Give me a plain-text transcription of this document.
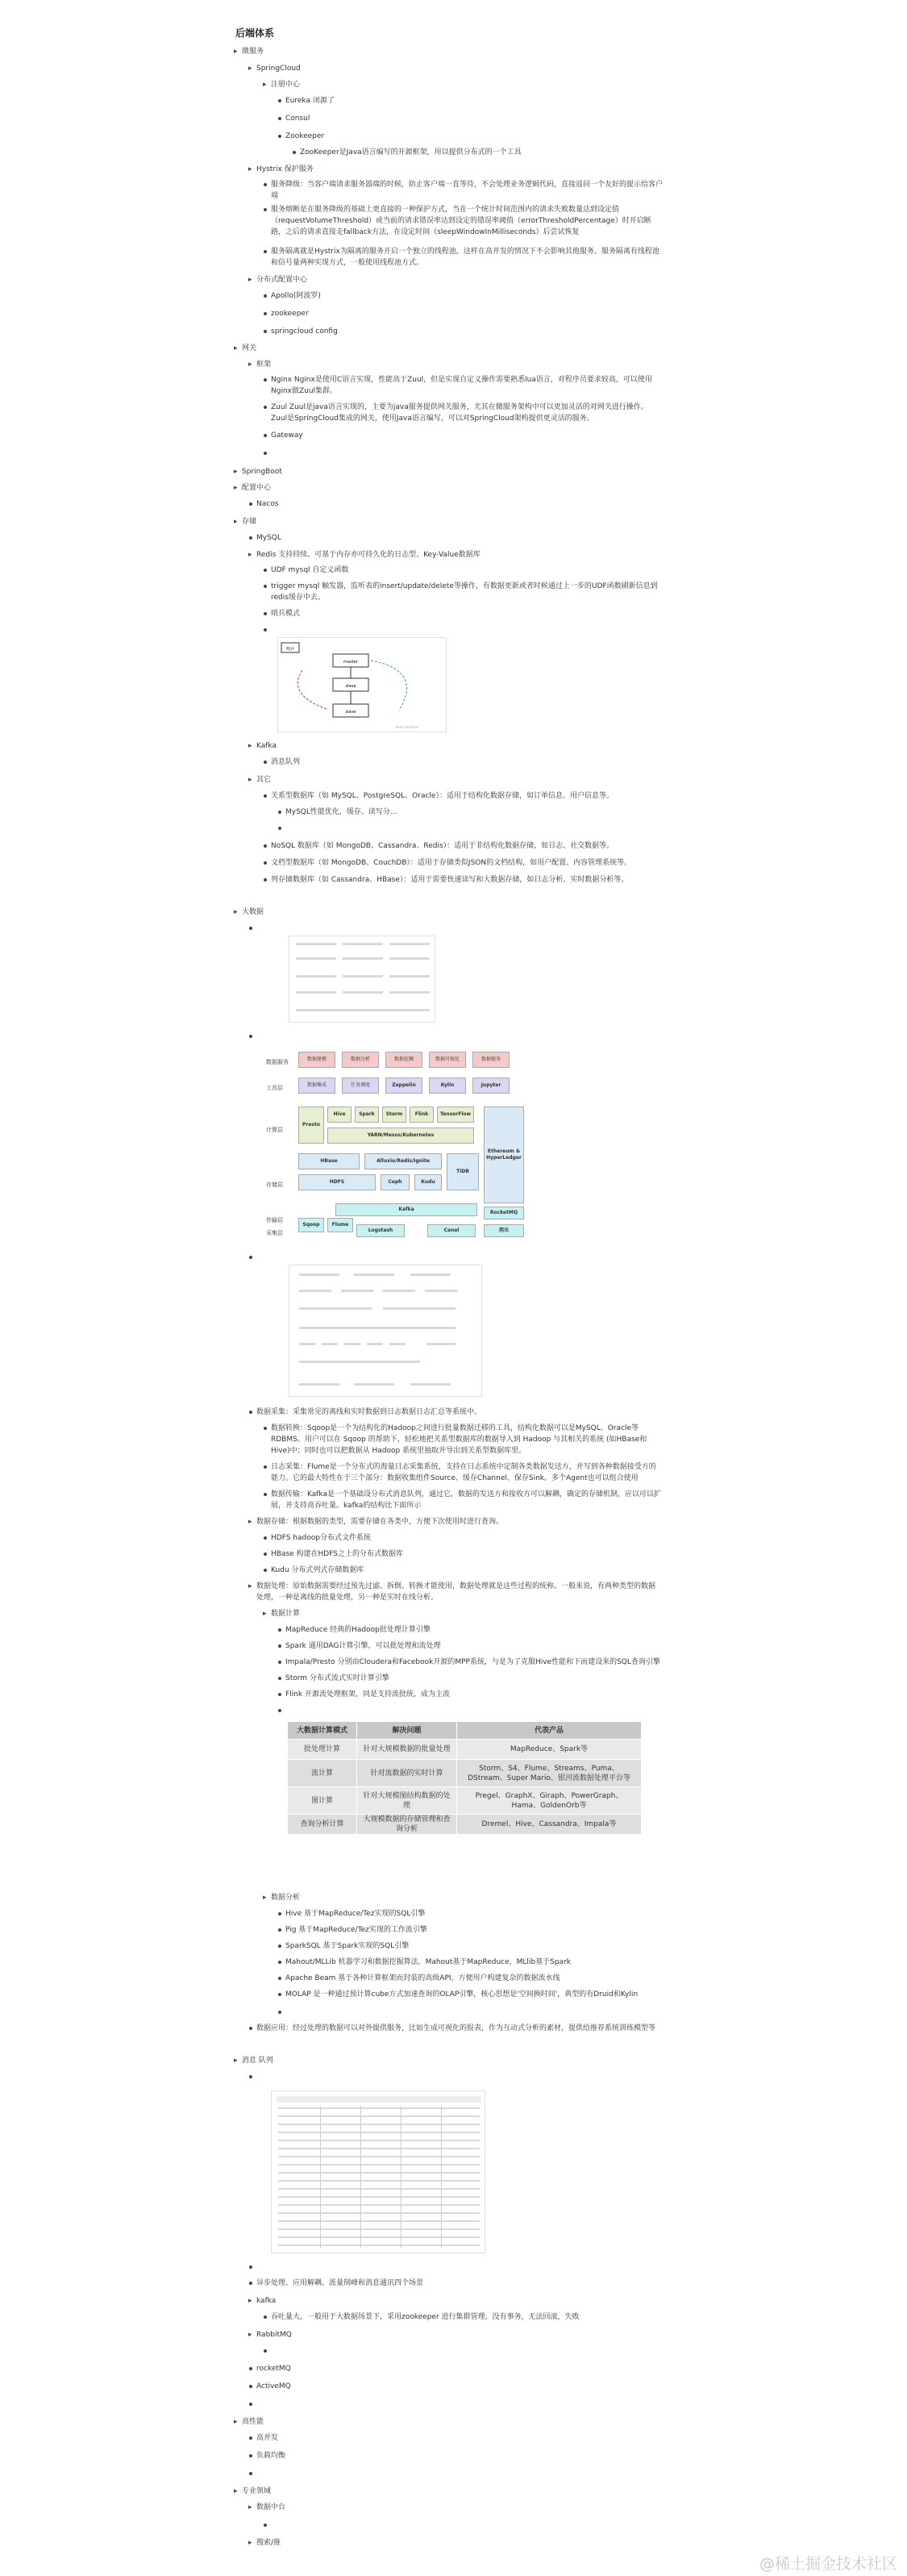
后端体系
▸ 微服务
▸ SpringCloud
▸ 注册中心
Eureka 闭源了
Consul
Zookeeper
ZooKeeper是Java语言编写的开源框架，用以提供分布式的一个工具
▸ Hystrix 保护服务
服务降级：当客户端请求服务器端的时候，防止客户端一直等待，不会处理业务逻辑代码，直接返回一个友好的提示给客户端
服务熔断是在服务降级的基础上更直接的一种保护方式，当在一个统计时间范围内的请求失败数量达到设定值（requestVolumeThreshold）或当前的请求错误率达到设定的错误率阈值（errorThresholdPercentage）时开启断路，之后的请求直接走fallback方法，在设定时间（sleepWindowInMilliseconds）后尝试恢复
服务隔离就是Hystrix为隔离的服务开启一个独立的线程池，这样在高并发的情况下不会影响其他服务。服务隔离有线程池和信号量两种实现方式，一般使用线程池方式。
▸ 分布式配置中心
Apollo(阿波罗)
zookeeper
springcloud config
▸ 网关
▸ 框架
Nginx Nginx是使用C语言实现，性能高于Zuul，但是实现自定义操作需要熟悉lua语言，对程序员要求较高，可以使用Nginx做Zuul集群。
Zuul Zuul是java语言实现的，主要为java服务提供网关服务，尤其在微服务架构中可以更加灵活的对网关进行操作。Zuul是SpringCloud集成的网关，使用Java语言编写，可以对SpringCloud架构提供更灵活的服务。
Gateway
▸ SpringBoot
▸ 配置中心
Nacos
▸ 存储
MySQL
▸ Redis 支持持续、可基于内存亦可持久化的日志型、Key-Value数据库
UDF mysql 自定义函数
trigger mysql 触发器，监听表的insert/update/delete等操作，有数据更新或者时候通过上一步的UDF函数刷新信息到redis缓存中去。
哨兵模式
哨兵
master
slave
slave
Redis Sentinel
▸ Kafka
消息队列
▸ 其它
关系型数据库（如 MySQL、PostgreSQL、Oracle）：适用于结构化数据存储，如订单信息、用户信息等。
MySQL性能优化，缓存、读写分...
NoSQL 数据库（如 MongoDB、Cassandra、Redis）：适用于非结构化数据存储，如日志、社交数据等。
文档型数据库（如 MongoDB、CouchDB）：适用于存储类似JSON的文档结构，如用户配置、内容管理系统等。
列存储数据库（如 Cassandra、HBase）：适用于需要快速读写和大数据存储，如日志分析、实时数据分析等。
▸ 大数据
数据服务
工具层
计算层
存储层
传输层
采集层
数据建模	数据分析	数据挖掘	数据可视化	数据服务
数据集成	任务调度	Zeppelin	Kylin	Jupyter
Presto
Hive	Spark	Storm	Flink	TensorFlow
YARN/Mesos/Kubernetes
HBase	Alluxio/Redis/Ignite
HDFS	Ceph	Kudu
TiDB
Ethereum & HyperLedger
Kafka
RocketMQ
Sqoop	Flume
Logstash	Canal	爬虫
数据采集：采集常见的离线和实时数据到日志数据日志汇总等系统中。
数据转换：Sqoop是一个为结构化的Hadoop之间进行批量数据迁移的工具，结构化数据可以是MySQL、Oracle等RDBMS。用户可以在 Sqoop 的帮助下，轻松地把关系型数据库的数据导入到 Hadoop 与其相关的系统 (如HBase和Hive)中；同时也可以把数据从 Hadoop 系统里抽取并导出到关系型数据库里。
日志采集：Flume是一个分布式的海量日志采集系统，支持在日志系统中定制各类数据发送方，并写到各种数据接受方的能力。它的最大特性在于三个部分：数据收集组件Source、缓存Channel、保存Sink。多个Agent也可以组合使用
数据传输：Kafka是一个基础设分布式消息队列，通过它，数据的发送方和接收方可以解耦，确定的存储机制，应以可以扩展，并支持高吞吐量。kafka的结构比下面所示
▸ 数据存储：根据数据的类型，需要存储在各类中，方便下次使用时进行查询。
HDFS hadoop分布式文件系统
HBase 构建在HDFS之上的分布式数据库
Kudu 分布式列式存储数据库
▸ 数据处理：原始数据需要经过预先过滤、拆倒、转换才能使用，数据处理就是这些过程的统称。一般来说，有两种类型的数据处理，一种是离线的批量处理，另一种是实时在线分析。
▸ 数据计算
MapReduce 经典的Hadoop批处理计算引擎
Spark 通用DAG计算引擎，可以批处理和流处理
Impala/Presto 分别由Cloudera和Facebook开源的MPP系统，与是为了克服Hive性能和下而建设来的SQL查询引擎
Storm 分布式流式实时计算引擎
Flink 开源流处理框架，同是支持流批统，成为主流
大数据计算模式	解决问题	代表产品
批处理计算	针对大规模数据的批量处理	MapReduce、Spark等
流计算	针对流数据的实时计算	Storm、S4、Flume、Streams、Puma、DStream、Super Mario、银河流数据处理平台等
图计算	针对大规模图结构数据的处理	Pregel、GraphX、Giraph、PowerGraph、Hama、GoldenOrb等
查询分析计算	大规模数据的存储管理和查询分析	Dremel、Hive、Cassandra、Impala等
▸ 数据分析
Hive 基于MapReduce/Tez实现的SQL引擎
Pig 基于MapReduce/Tez实现的工作流引擎
SparkSQL 基于Spark实现的SQL引擎
Mahout/MLLib 机器学习和数据挖掘算法，Mahout基于MapReduce，MLlib基于Spark
Apache Beam 基于各种计算框架而封装的高级API，方便用户构建复杂的数据流水线
MOLAP 是一种通过预计算cube方式加速查询的OLAP引擎，核心思想是'空间换时间'，典型的有Druid和Kylin
数据应用：经过处理的数据可以对外提供服务，比如生成可视化的报表，作为互动式分析的素材，提供给推荐系统训练模型等
▸ 消息 队列
异步处理、应用解耦、流量削峰和消息通讯四个场景
▸ kafka
吞吐量大，一般用于大数据场景下，采用zookeeper 进行集群管理，没有事务，无法回滚，失败
▸ RabbitMQ
rocketMQ
ActiveMQ
▸ 高性能
高并发
负载均衡
▸ 专业领域
▸ 数据中台
▸ 搜索/推
@稀土掘金技术社区
